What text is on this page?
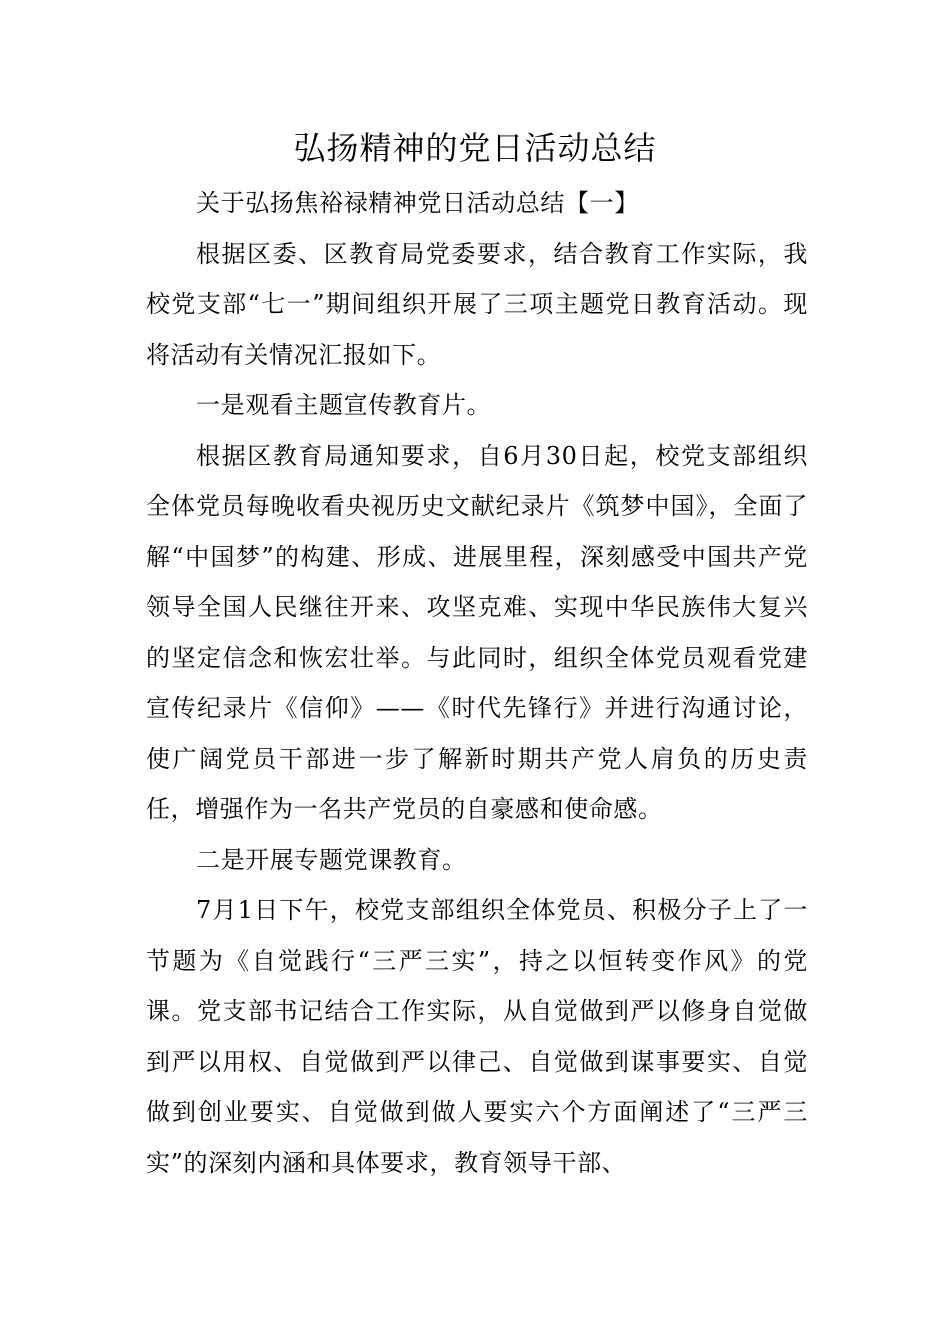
弘扬精神的党日活动总结

关于弘扬焦裕禄精神党日活动总结【一】

根据区委、区教育局党委要求，结合教育工作实际，我校党支部“七一”期间组织开展了三项主题党日教育活动。现将活动有关情况汇报如下。

一是观看主题宣传教育片。

根据区教育局通知要求，自6月30日起，校党支部组织全体党员每晚收看央视历史文献纪录片《筑梦中国》，全面了解“中国梦”的构建、形成、进展里程，深刻感受中国共产党领导全国人民继往开来、攻坚克难、实现中华民族伟大复兴的坚定信念和恢宏壮举。与此同时，组织全体党员观看党建宣传纪录片《信仰》——《时代先锋行》并进行沟通讨论，使广阔党员干部进一步了解新时期共产党人肩负的历史责任，增强作为一名共产党员的自豪感和使命感。

二是开展专题党课教育。

7月1日下午，校党支部组织全体党员、积极分子上了一节题为《自觉践行“三严三实”，持之以恒转变作风》的党课。党支部书记结合工作实际，从自觉做到严以修身自觉做到严以用权、自觉做到严以律己、自觉做到谋事要实、自觉做到创业要实、自觉做到做人要实六个方面阐述了“三严三实”的深刻内涵和具体要求，教育领导干部、
